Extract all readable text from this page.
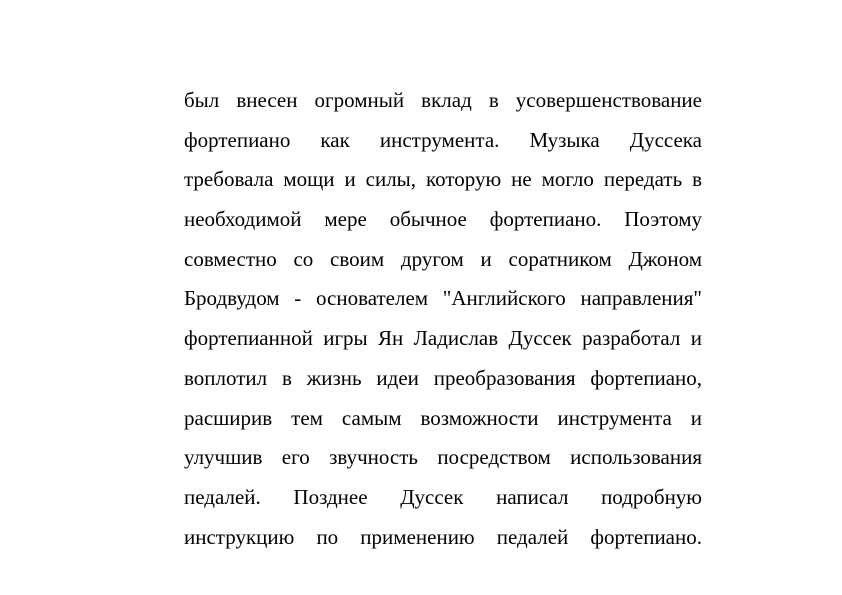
был внесен огромный вклад в усовершенствование
фортепиано как инструмента. Музыка Дуссека
требовала мощи и силы, которую не могло передать в
необходимой мере обычное фортепиано. Поэтому
совместно со своим другом и соратником Джоном
Бродвудом - основателем "Английского направления"
фортепианной игры Ян Ладислав Дуссек разработал и
воплотил в жизнь идеи преобразования фортепиано,
расширив тем самым возможности инструмента и
улучшив его звучность посредством использования
педалей. Позднее Дуссек написал подробную
инструкцию по применению педалей фортепиано.
